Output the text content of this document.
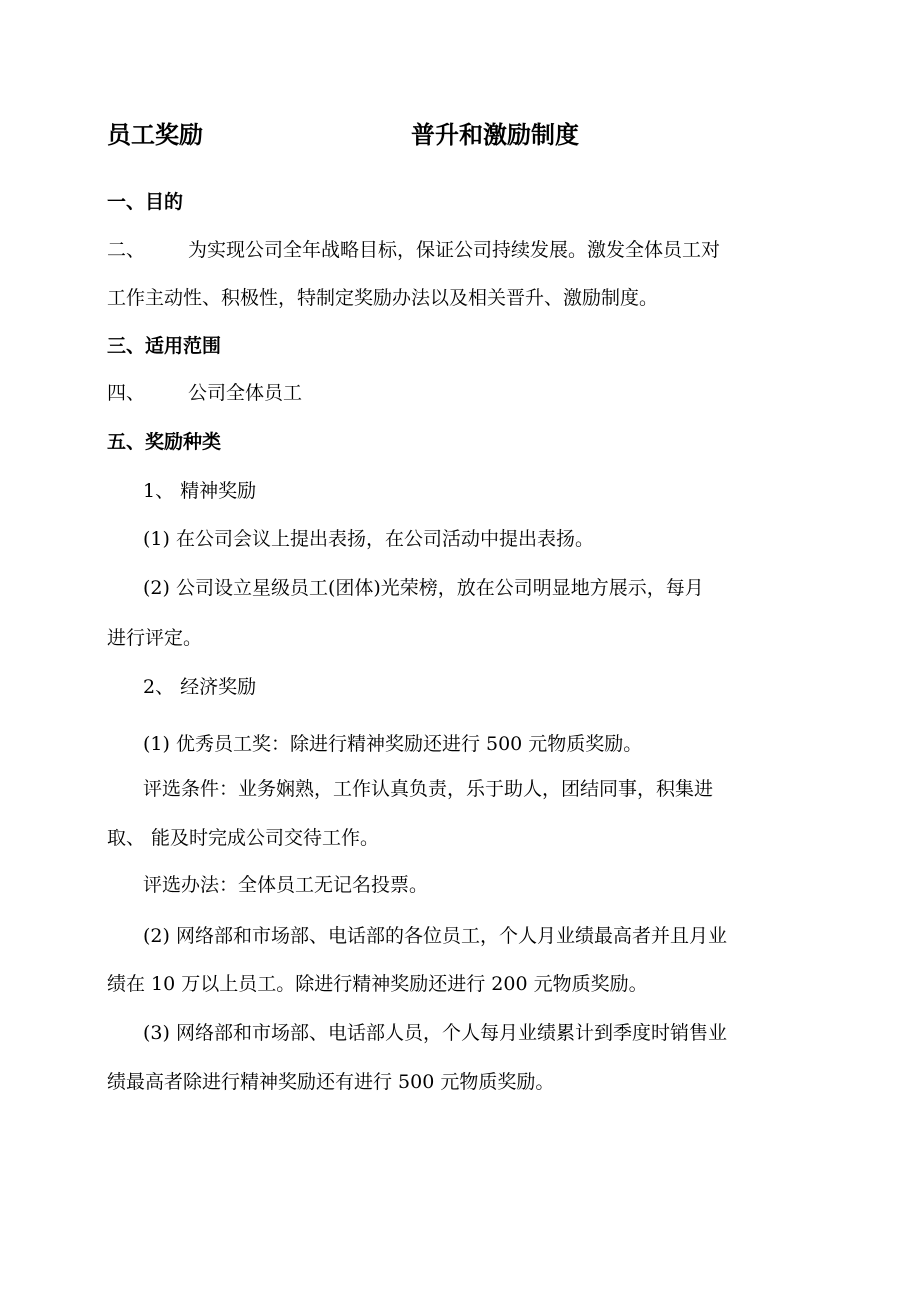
员工奖励	普升和激励制度
一、目的
二、 为实现公司全年战略目标，保证公司持续发展。激发全体员工对
工作主动性、积极性，特制定奖励办法以及相关晋升、激励制度。
三、适用范围
四、 公司全体员工
五、奖励种类
1、 精神奖励
(1) 在公司会议上提出表扬，在公司活动中提出表扬。
(2) 公司设立星级员工(团体)光荣榜，放在公司明显地方展示，每月
进行评定。
2、 经济奖励
(1) 优秀员工奖：除进行精神奖励还进行 500 元物质奖励。
评选条件：业务娴熟，工作认真负责，乐于助人，团结同事，积集进
取、 能及时完成公司交待工作。
评选办法：全体员工无记名投票。
(2) 网络部和市场部、电话部的各位员工，个人月业绩最高者并且月业
绩在 10 万以上员工。除进行精神奖励还进行 200 元物质奖励。
(3) 网络部和市场部、电话部人员，个人每月业绩累计到季度时销售业
绩最高者除进行精神奖励还有进行 500 元物质奖励。
